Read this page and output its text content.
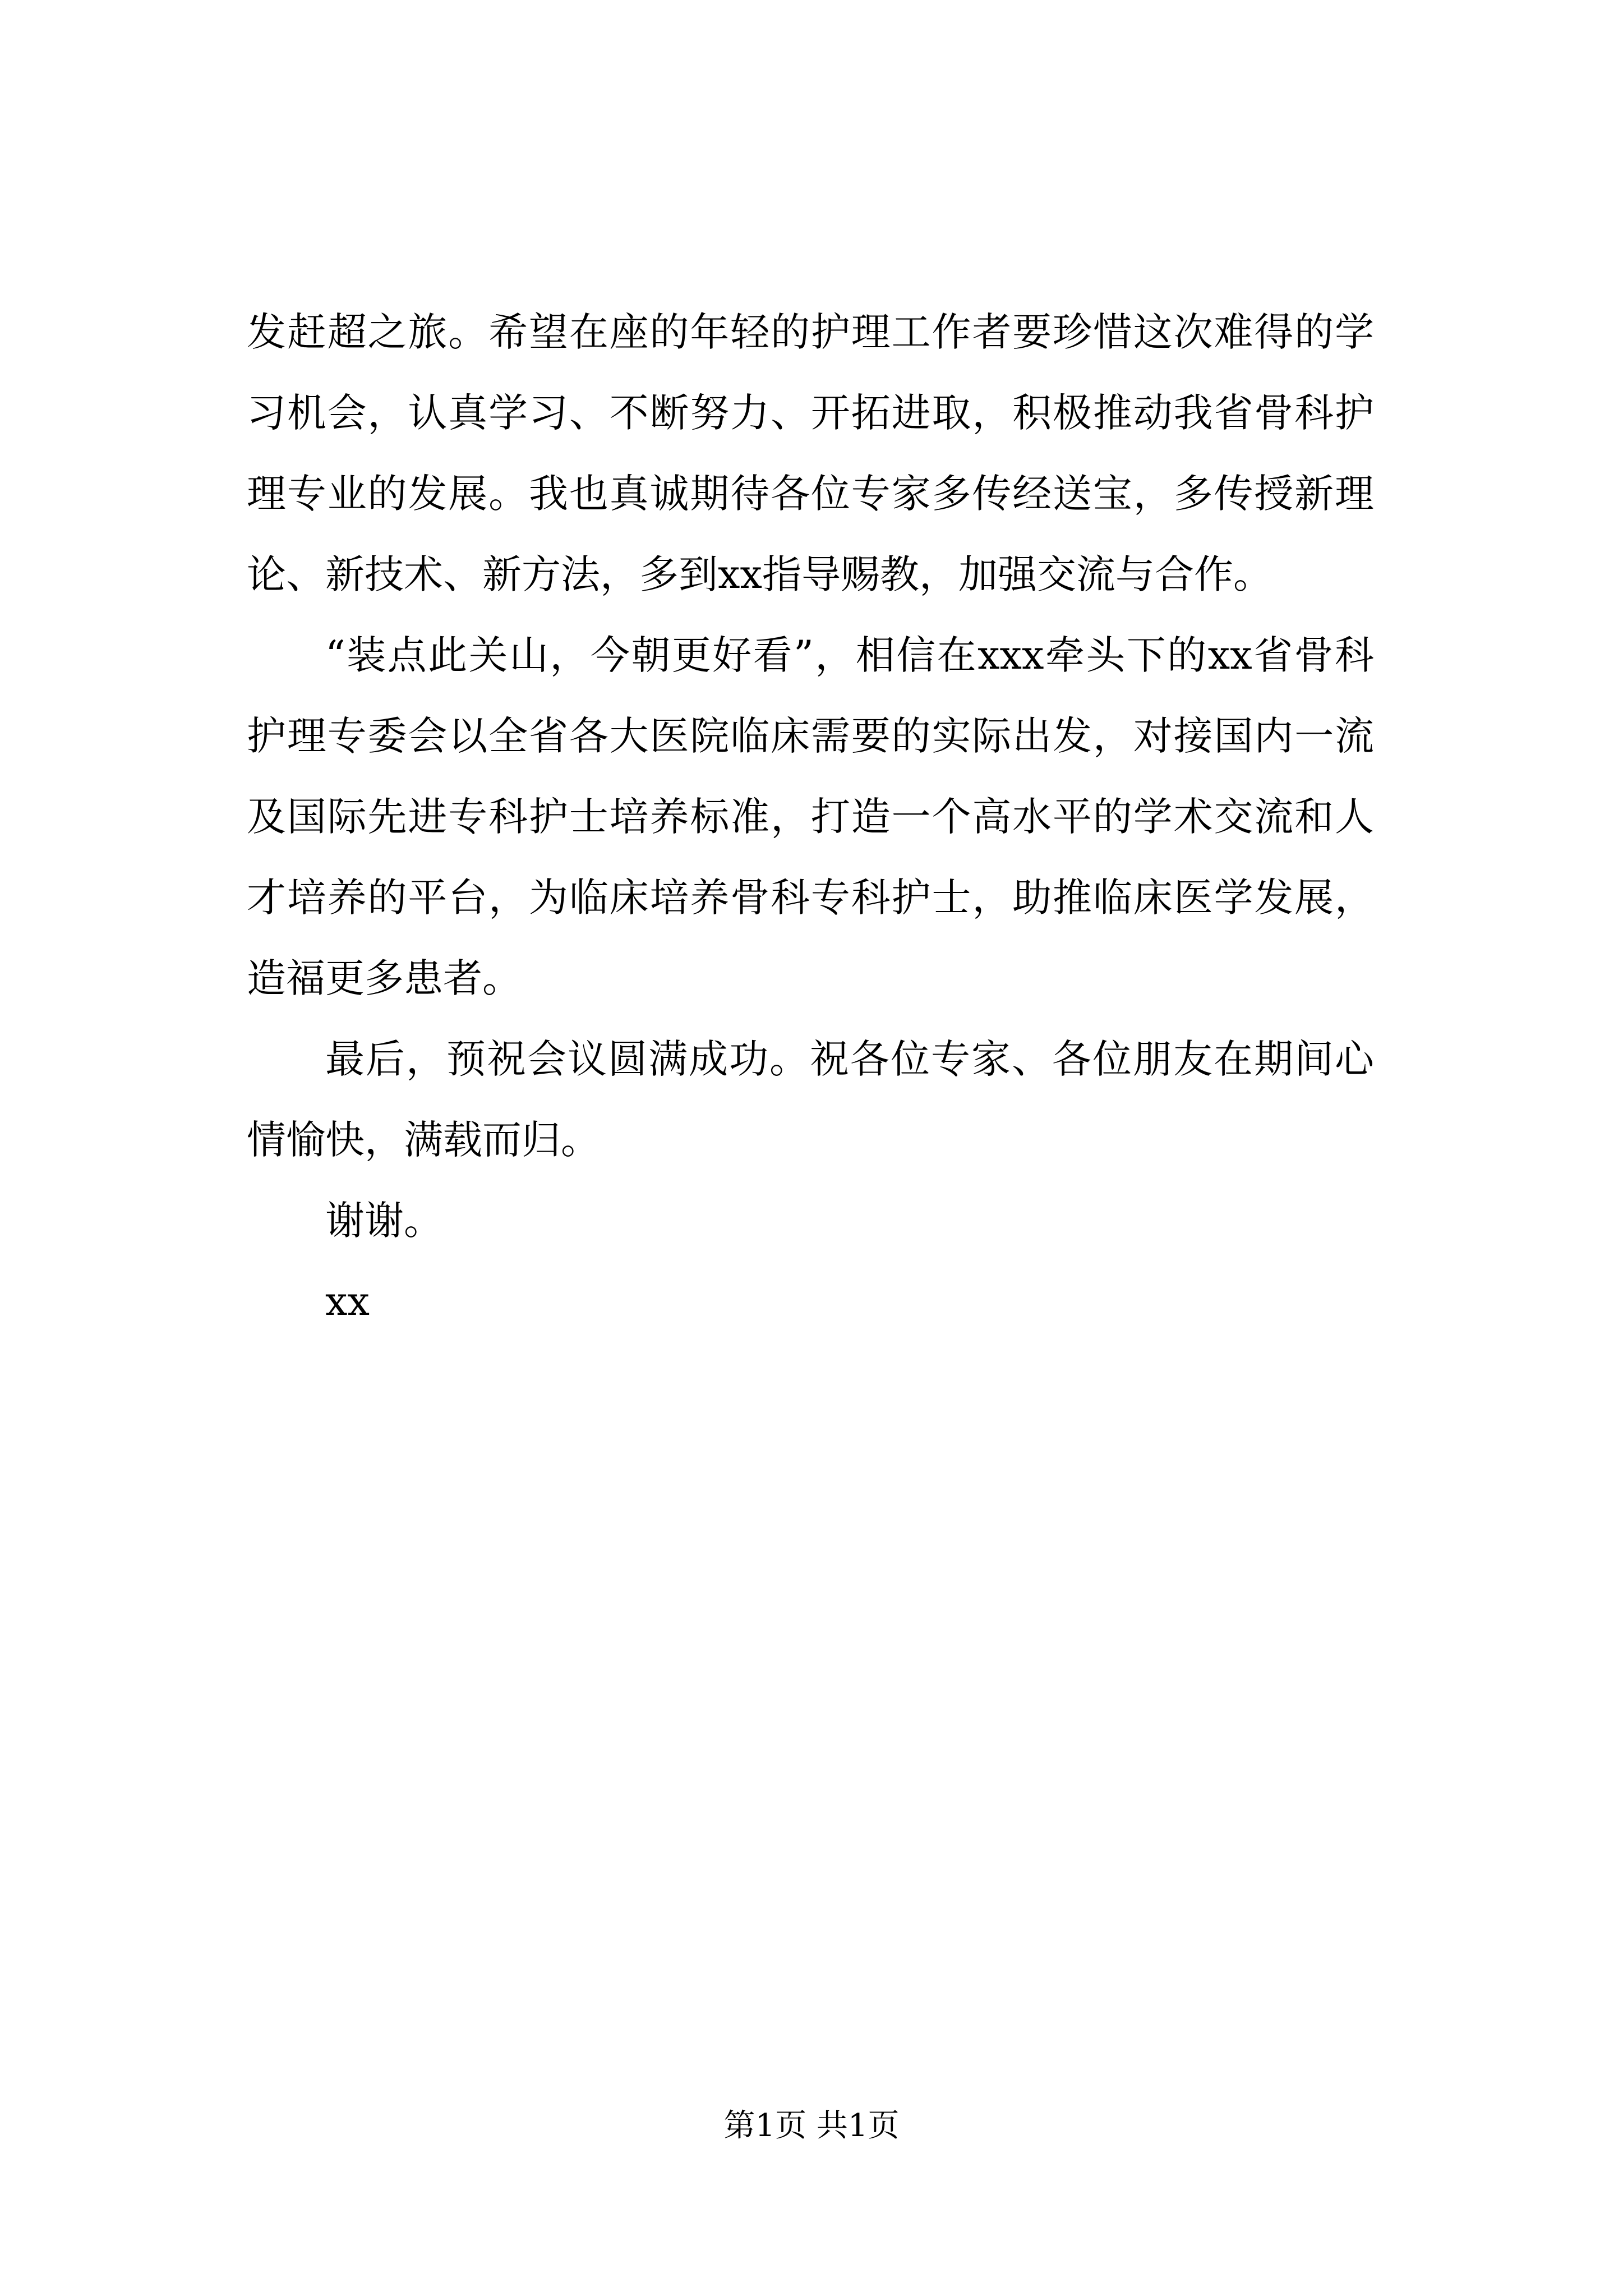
发赶超之旅。希望在座的年轻的护理工作者要珍惜这次难得的学习机会，认真学习、不断努力、开拓进取，积极推动我省骨科护理专业的发展。我也真诚期待各位专家多传经送宝，多传授新理论、新技术、新方法，多到xx指导赐教，加强交流与合作。

“装点此关山，今朝更好看”，相信在xxx牵头下的xx省骨科护理专委会以全省各大医院临床需要的实际出发，对接国内一流及国际先进专科护士培养标准，打造一个高水平的学术交流和人才培养的平台，为临床培养骨科专科护士，助推临床医学发展，造福更多患者。

最后，预祝会议圆满成功。祝各位专家、各位朋友在期间心情愉快，满载而归。

谢谢。

xx

第1页 共1页
